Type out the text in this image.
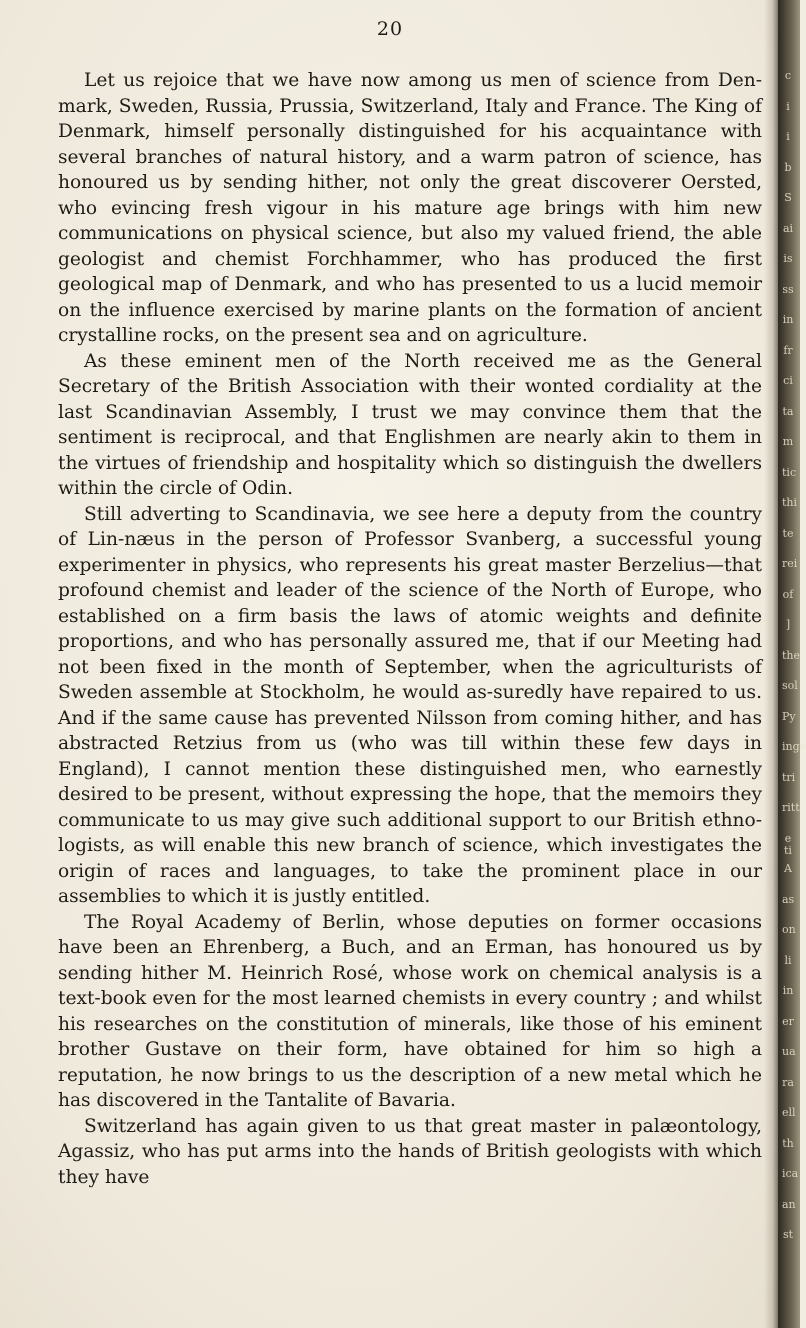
20

Let us rejoice that we have now among us men of science from Den-mark, Sweden, Russia, Prussia, Switzerland, Italy and France. The King of Denmark, himself personally distinguished for his acquaintance with several branches of natural history, and a warm patron of science, has honoured us by sending hither, not only the great discoverer Oersted, who evincing fresh vigour in his mature age brings with him new communications on physical science, but also my valued friend, the able geologist and chemist Forchhammer, who has produced the first geological map of Denmark, and who has presented to us a lucid memoir on the influence exercised by marine plants on the formation of ancient crystalline rocks, on the present sea and on agriculture.

As these eminent men of the North received me as the General Secretary of the British Association with their wonted cordiality at the last Scandinavian Assembly, I trust we may convince them that the sentiment is reciprocal, and that Englishmen are nearly akin to them in the virtues of friendship and hospitality which so distinguish the dwellers within the circle of Odin.

Still adverting to Scandinavia, we see here a deputy from the country of Lin-næus in the person of Professor Svanberg, a successful young experimenter in physics, who represents his great master Berzelius—that profound chemist and leader of the science of the North of Europe, who established on a firm basis the laws of atomic weights and definite proportions, and who has personally assured me, that if our Meeting had not been fixed in the month of September, when the agriculturists of Sweden assemble at Stockholm, he would as-suredly have repaired to us. And if the same cause has prevented Nilsson from coming hither, and has abstracted Retzius from us (who was till within these few days in England), I cannot mention these distinguished men, who earnestly desired to be present, without expressing the hope, that the memoirs they communicate to us may give such additional support to our British ethno-logists, as will enable this new branch of science, which investigates the origin of races and languages, to take the prominent place in our assemblies to which it is justly entitled.

The Royal Academy of Berlin, whose deputies on former occasions have been an Ehrenberg, a Buch, and an Erman, has honoured us by sending hither M. Heinrich Rosé, whose work on chemical analysis is a text-book even for the most learned chemists in every country ; and whilst his researches on the constitution of minerals, like those of his eminent brother Gustave on their form, have obtained for him so high a reputation, he now brings to us the description of a new metal which he has discovered in the Tantalite of Bavaria.

Switzerland has again given to us that great master in palæontology, Agassiz, who has put arms into the hands of British geologists with which they have

c
i
i
b
S
ai
is
ss
in
fr
ci
ta
m
tic
thi
te
rei
of
]
the
sol
Py
inge
tri
ritt
e ti
A
as
on
li
in
er
ua
ra
ell
th
ica
an
st
